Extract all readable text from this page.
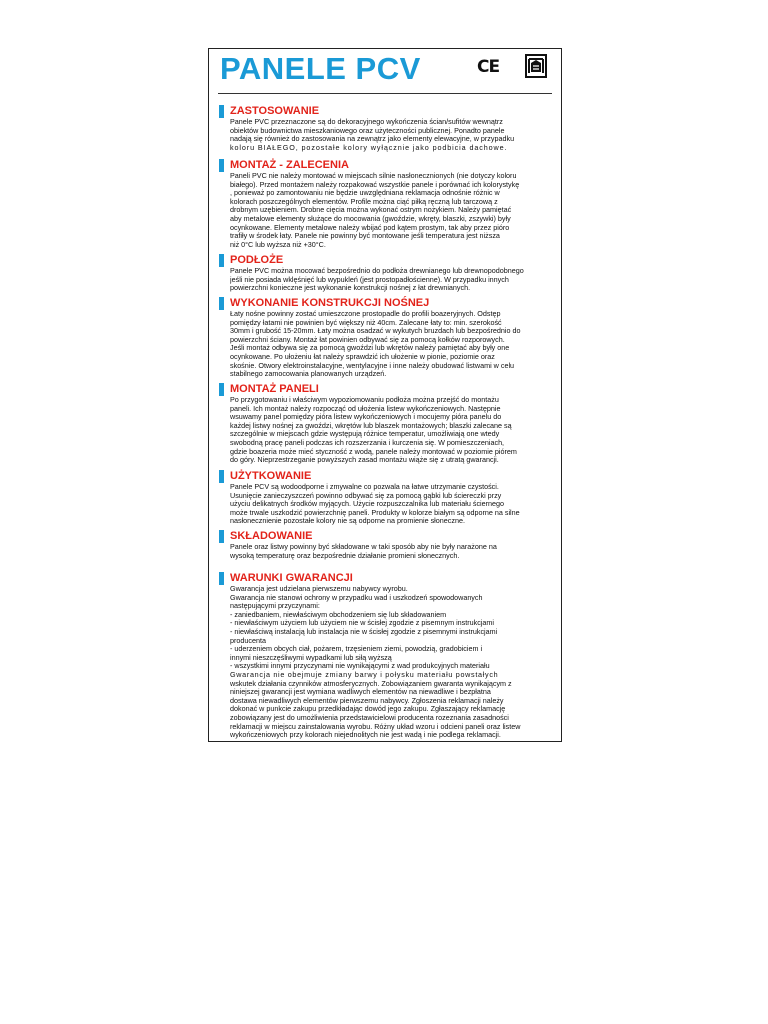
PANELE PCV	CE
ZASTOSOWANIE
Panele PVC przeznaczone są do dekoracyjnego wykończenia ścian/sufitów wewnątrz
obiektów budownictwa mieszkaniowego oraz użyteczności publicznej. Ponadto panele
nadają się również do zastosowania na zewnątrz jako elementy elewacyjne, w przypadku
koloru BIAŁEGO, pozostałe kolory wyłącznie jako podbicia dachowe.
MONTAŻ - ZALECENIA
Paneli PVC nie należy montować w miejscach silnie nasłonecznionych (nie dotyczy koloru
białego). Przed montażem należy rozpakować wszystkie panele i porównać ich kolorystykę
, ponieważ po zamontowaniu nie będzie uwzględniana reklamacja odnośnie różnic w
kolorach poszczególnych elementów. Profile można ciąć piłką ręczną lub tarczową z
drobnym uzębieniem. Drobne cięcia można wykonać ostrym nożykiem. Należy pamiętać
aby metalowe elementy służące do mocowania (gwoździe, wkręty, blaszki, zszywki) były
ocynkowane. Elementy metalowe należy wbijać pod kątem prostym, tak aby przez pióro
trafiły w środek łaty. Panele nie powinny być montowane jeśli temperatura jest niższa
niż 0°C lub wyższa niż +30°C.
PODŁOŻE
Panele PVC można mocować bezpośrednio do podłoża drewnianego lub drewnopodobnego
jeśli nie posiada wklęśnięć lub wypukleń (jest prostopadłościenne). W przypadku innych
powierzchni konieczne jest wykonanie konstrukcji nośnej z łat drewnianych.
WYKONANIE KONSTRUKCJI NOŚNEJ
Łaty nośne powinny zostać umieszczone prostopadle do profili boazeryjnych. Odstęp
pomiędzy łatami nie powinien być większy niż 40cm. Zalecane łaty to: min. szerokość
30mm i grubość 15-20mm. Łaty można osadzać w wykutych bruzdach lub bezpośrednio do
powierzchni ściany. Montaż łat powinien odbywać się za pomocą kołków rozporowych.
Jeśli montaż odbywa się za pomocą gwoździ lub wkrętów należy pamiętać aby były one
ocynkowane. Po ułożeniu łat należy sprawdzić ich ułożenie w pionie, poziomie oraz
skośnie. Otwory elektroinstalacyjne, wentylacyjne i inne należy obudować listwami w celu
stabilnego zamocowania planowanych urządzeń.
MONTAŻ PANELI
Po przygotowaniu i właściwym wypoziomowaniu podłoża można przejść do montażu
paneli. Ich montaż należy rozpocząć od ułożenia listew wykończeniowych. Następnie
wsuwamy panel pomiędzy pióra listew wykończeniowych i mocujemy pióra panelu do
każdej listwy nośnej za gwoździ, wkrętów lub blaszek montażowych; blaszki zalecane są
szczególnie w miejscach gdzie występują różnice temperatur, umożliwiają one wtedy
swobodną pracę paneli podczas ich rozszerzania i kurczenia się. W pomieszczeniach,
gdzie boazeria może mieć styczność z wodą, panele należy montować w poziomie piórem
do góry. Nieprzestrzeganie powyższych zasad montażu wiąże się z utratą gwarancji.
UŻYTKOWANIE
Panele PCV są wodoodporne i zmywalne co pozwala na łatwe utrzymanie czystości.
Usunięcie zanieczyszczeń powinno odbywać się za pomocą gąbki lub ściereczki przy
użyciu delikatnych środków myjących. Użycie rozpuszczalnika lub materiału ściernego
może trwale uszkodzić powierzchnię paneli. Produkty w kolorze białym są odporne na silne
nasłonecznienie pozostałe kolory nie są odporne na promienie słoneczne.
SKŁADOWANIE
Panele oraz listwy powinny być składowane w taki sposób aby nie były narażone na
wysoką temperaturę oraz bezpośrednie działanie promieni słonecznych.
WARUNKI GWARANCJI
Gwarancja jest udzielana pierwszemu nabywcy wyrobu.
Gwarancja nie stanowi ochrony w przypadku wad i uszkodzeń spowodowanych
następującymi przyczynami:
- zaniedbaniem, niewłaściwym obchodzeniem się lub składowaniem
- niewłaściwym użyciem lub użyciem nie w ścisłej zgodzie z pisemnym instrukcjami
- niewłaściwą instalacją lub instalacja nie w ścisłej zgodzie z pisemnymi instrukcjami
producenta
- uderzeniem obcych ciał, pożarem, trzęsieniem ziemi, powodzią, gradobiciem i
innymi nieszczęśliwymi wypadkami lub siłą wyższą
- wszystkimi innymi przyczynami nie wynikającymi z wad produkcyjnych materiału
Gwarancja nie obejmuje zmiany barwy i połysku materiału powstałych
wskutek działania czynników atmosferycznych. Zobowiązaniem gwaranta wynikającym z
niniejszej gwarancji jest wymiana wadliwych elementów na niewadliwe i bezpłatna
dostawa niewadliwych elementów pierwszemu nabywcy. Zgłoszenia reklamacji należy
dokonać w punkcie zakupu przedkładając dowód jego zakupu. Zgłaszający reklamację
zobowiązany jest do umożliwienia przedstawicielowi producenta rozeznania zasadności
reklamacji w miejscu zainstalowania wyrobu. Różny układ wzoru i odcieni paneli oraz listew
wykończeniowych przy kolorach niejednolitych nie jest wadą i nie podlega reklamacji.
